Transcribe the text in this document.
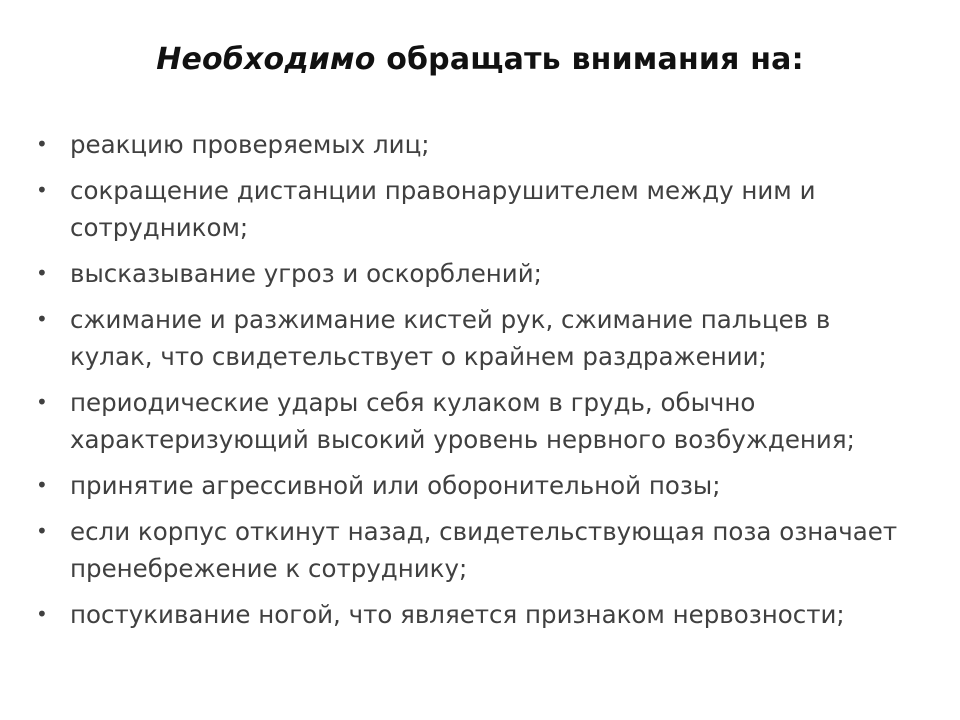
Необходимо обращать внимания на:
• реакцию проверяемых лиц;
• сокращение дистанции правонарушителем между ним и сотрудником;
• высказывание угроз и оскорблений;
• сжимание и разжимание кистей рук, сжимание пальцев в кулак, что свидетельствует о крайнем раздражении;
• периодические удары себя кулаком в грудь, обычно характеризующий высокий уровень нервного возбуждения;
• принятие агрессивной или оборонительной позы;
• если корпус откинут назад, свидетельствующая поза означает пренебрежение к сотруднику;
• постукивание ногой, что является признаком нервозности;
